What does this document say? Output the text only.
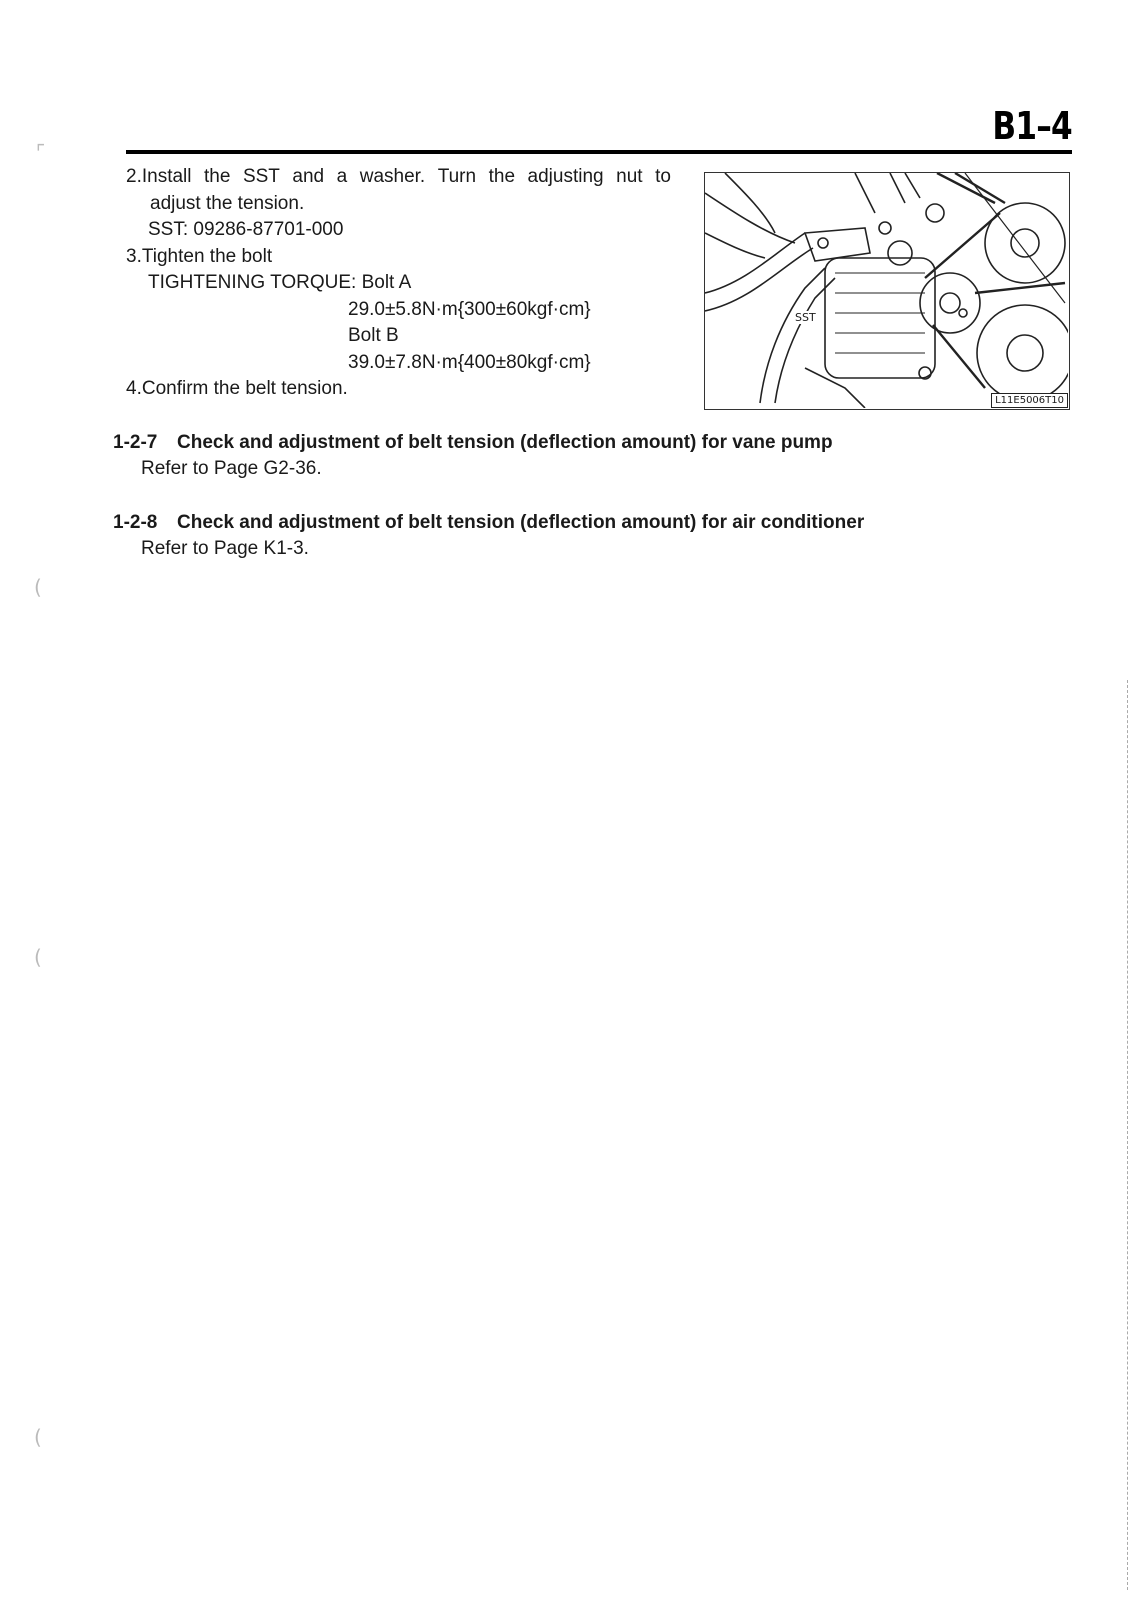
B1–4
2.Install the SST and a washer. Turn the adjusting nut to
adjust the tension.
SST: 09286-87701-000
3.Tighten the bolt
TIGHTENING TORQUE: Bolt A
29.0±5.8N·m{300±60kgf·cm}
Bolt B
39.0±7.8N·m{400±80kgf·cm}
4.Confirm the belt tension.
SST
L11E5006T10
1-2-7 Check and adjustment of belt tension (deflection amount) for vane pump
Refer to Page G2-36.
1-2-8 Check and adjustment of belt tension (deflection amount) for air conditioner
Refer to Page K1-3.
⌜
(
(
(
